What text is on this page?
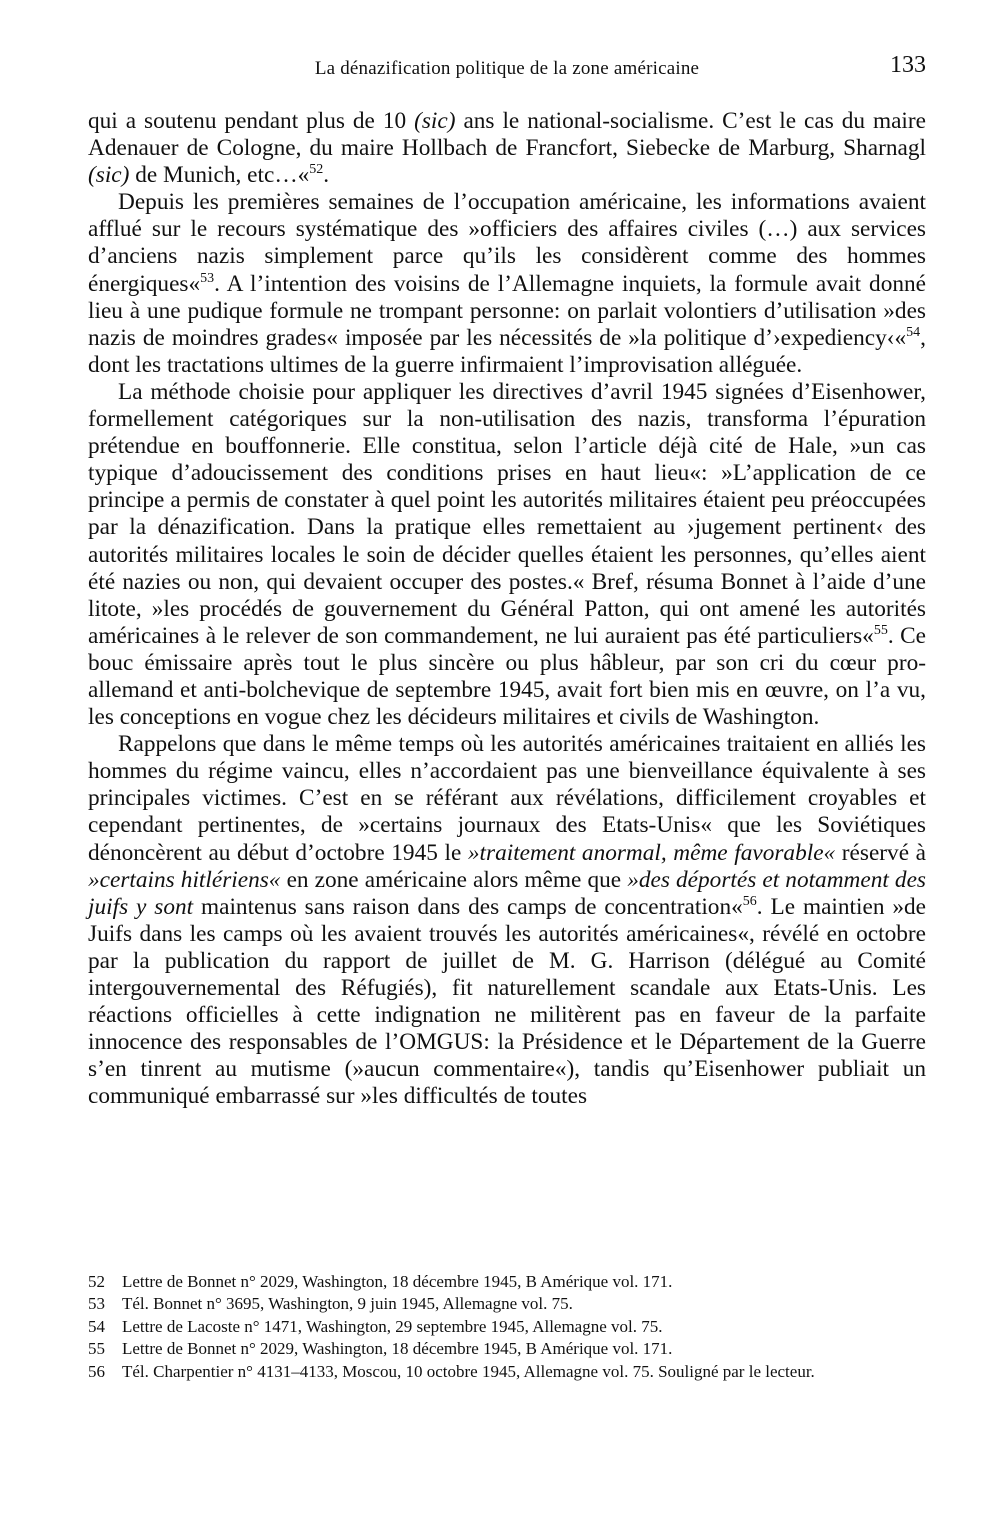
La dénazification politique de la zone américaine	133

qui a soutenu pendant plus de 10 (sic) ans le national-socialisme. C’est le cas du maire Adenauer de Cologne, du maire Hollbach de Francfort, Siebecke de Marburg, Sharnagl (sic) de Munich, etc…«$^{52}$.

Depuis les premières semaines de l’occupation américaine, les informations avaient afflué sur le recours systématique des »officiers des affaires civiles (…) aux services d’anciens nazis simplement parce qu’ils les considèrent comme des hommes énergiques«$^{53}$. A l’intention des voisins de l’Allemagne inquiets, la formule avait donné lieu à une pudique formule ne trompant personne: on parlait volontiers d’utilisation »des nazis de moindres grades« imposée par les nécessités de »la politique d’›expediency‹«$^{54}$, dont les tractations ultimes de la guerre infirmaient l’improvisation alléguée.

La méthode choisie pour appliquer les directives d’avril 1945 signées d’Eisenhower, formellement catégoriques sur la non-utilisation des nazis, transforma l’épuration prétendue en bouffonnerie. Elle constitua, selon l’article déjà cité de Hale, »un cas typique d’adoucissement des conditions prises en haut lieu«: »L’application de ce principe a permis de constater à quel point les autorités militaires étaient peu préoccupées par la dénazification. Dans la pratique elles remettaient au ›jugement pertinent‹ des autorités militaires locales le soin de décider quelles étaient les personnes, qu’elles aient été nazies ou non, qui devaient occuper des postes.« Bref, résuma Bonnet à l’aide d’une litote, »les procédés de gouvernement du Général Patton, qui ont amené les autorités américaines à le relever de son commandement, ne lui auraient pas été particuliers«$^{55}$. Ce bouc émissaire après tout le plus sincère ou plus hâbleur, par son cri du cœur pro-allemand et anti-bolchevique de septembre 1945, avait fort bien mis en œuvre, on l’a vu, les conceptions en vogue chez les décideurs militaires et civils de Washington.

Rappelons que dans le même temps où les autorités américaines traitaient en alliés les hommes du régime vaincu, elles n’accordaient pas une bienveillance équivalente à ses principales victimes. C’est en se référant aux révélations, difficilement croyables et cependant pertinentes, de »certains journaux des Etats-Unis« que les Soviétiques dénoncèrent au début d’octobre 1945 le »traitement anormal, même favorable« réservé à »certains hitlériens« en zone américaine alors même que »des déportés et notamment des juifs y sont maintenus sans raison dans des camps de concentration«$^{56}$. Le maintien »de Juifs dans les camps où les avaient trouvés les autorités américaines«, révélé en octobre par la publication du rapport de juillet de M. G. Harrison (délégué au Comité intergouvernemental des Réfugiés), fit naturellement scandale aux Etats-Unis. Les réactions officielles à cette indignation ne militèrent pas en faveur de la parfaite innocence des responsables de l’OMGUS: la Présidence et le Département de la Guerre s’en tinrent au mutisme (»aucun commentaire«), tandis qu’Eisenhower publiait un communiqué embarrassé sur »les difficultés de toutes

52 Lettre de Bonnet n° 2029, Washington, 18 décembre 1945, B Amérique vol. 171.

53 Tél. Bonnet n° 3695, Washington, 9 juin 1945, Allemagne vol. 75.

54 Lettre de Lacoste n° 1471, Washington, 29 septembre 1945, Allemagne vol. 75.

55 Lettre de Bonnet n° 2029, Washington, 18 décembre 1945, B Amérique vol. 171.

56 Tél. Charpentier n° 4131–4133, Moscou, 10 octobre 1945, Allemagne vol. 75. Souligné par le lecteur.
